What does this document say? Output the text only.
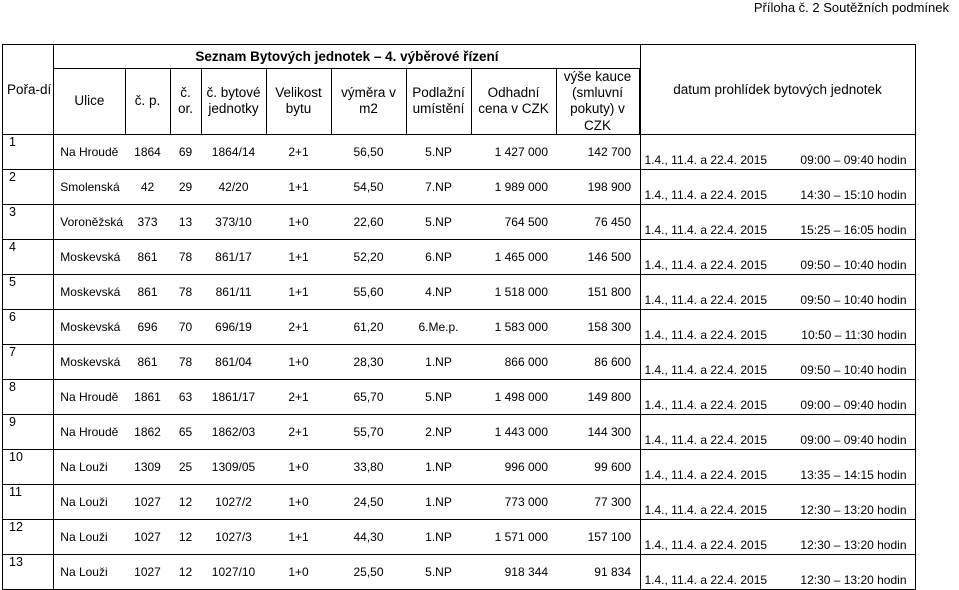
Příloha č. 2 Soutěžních podmínek
Pořa-dí	Seznam Bytových jednotek – 4. výběrové řízení									datum prohlídek bytových jednotek
	Ulice	č. p.	č. or.	č. bytové jednotky	Velikost bytu	výměra v m2	Podlažní umístění	Odhadní cena v CZK	výše kauce (smluvní pokuty) v CZK	
1	Na Hroudě	1864	69	1864/14	2+1	56,50	5.NP	1 427 000	142 700		1.4., 11.4. a 22.4. 2015 09:00 – 09:40 hodin

2	Smolenská	42	29	42/20	1+1	54,50	7.NP	1 989 000	198 900		1.4., 11.4. a 22.4. 2015 14:30 – 15:10 hodin

3	Voroněžská	373	13	373/10	1+0	22,60	5.NP	764 500	76 450		1.4., 11.4. a 22.4. 2015 15:25 – 16:05 hodin

4	Moskevská	861	78	861/17	1+1	52,20	6.NP	1 465 000	146 500		1.4., 11.4. a 22.4. 2015 09:50 – 10:40 hodin

5	Moskevská	861	78	861/11	1+1	55,60	4.NP	1 518 000	151 800		1.4., 11.4. a 22.4. 2015 09:50 – 10:40 hodin

6	Moskevská	696	70	696/19	2+1	61,20	6.Me.p.	1 583 000	158 300		1.4., 11.4. a 22.4. 2015 10:50 – 11:30 hodin

7	Moskevská	861	78	861/04	1+0	28,30	1.NP	866 000	86 600		1.4., 11.4. a 22.4. 2015 09:50 – 10:40 hodin

8	Na Hroudě	1861	63	1861/17	2+1	65,70	5.NP	1 498 000	149 800		1.4., 11.4. a 22.4. 2015 09:00 – 09:40 hodin

9	Na Hroudě	1862	65	1862/03	2+1	55,70	2.NP	1 443 000	144 300		1.4., 11.4. a 22.4. 2015 09:00 – 09:40 hodin

10	Na Louži	1309	25	1309/05	1+0	33,80	1.NP	996 000	99 600		1.4., 11.4. a 22.4. 2015 13:35 – 14:15 hodin

11	Na Louži	1027	12	1027/2	1+0	24,50	1.NP	773 000	77 300		1.4., 11.4. a 22.4. 2015 12:30 – 13:20 hodin

12	Na Louži	1027	12	1027/3	1+1	44,30	1.NP	1 571 000	157 100		1.4., 11.4. a 22.4. 2015 12:30 – 13:20 hodin

13	Na Louži	1027	12	1027/10	1+0	25,50	5.NP	918 344	91 834		1.4., 11.4. a 22.4. 2015 12:30 – 13:20 hodin
